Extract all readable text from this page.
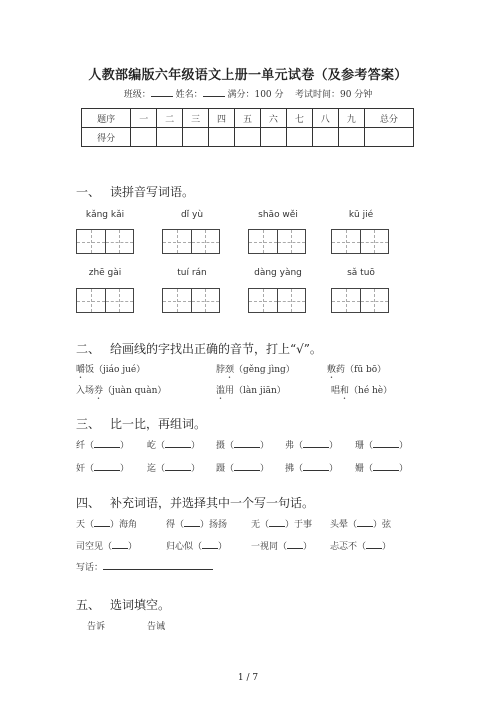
人教部编版六年级语文上册一单元试卷（及参考答案）
班级：	姓名：	满分：100 分 考试时间：90 分钟
题序	一	二	三	四	五	六	七	八	九	总分
得分										
一、 读拼音写词语。
kǎng kǎi	dǐ yù	shāo wěi	kū jié
zhē gài	tuí rán	dàng yàng	sǎ tuō
二、 给画线的字找出正确的音节，打上“√”。
嚼饭（jiáo jué）	脖颈（gěng jìng）	敷药（fū bō）
入场券（juàn quàn）	滥用（làn jiān）	唱和（hé hè）
三、 比一比，再组词。
纤（	） 屹（	） 摄（	） 弗（	） 珊（	）
奸（	） 迄（	） 蹑（	） 拂（	） 姗（	）
四、 补充词语，并选择其中一个写一句话。
天（ ）海角	得（ ）扬扬	无（ ）于事 头晕（ ）弦
司空见（ ）	归心似（ ）	一视同（ ） 忐忑不（ ）
写话：
五、 选词填空。
告诉	告诫
1 / 7
